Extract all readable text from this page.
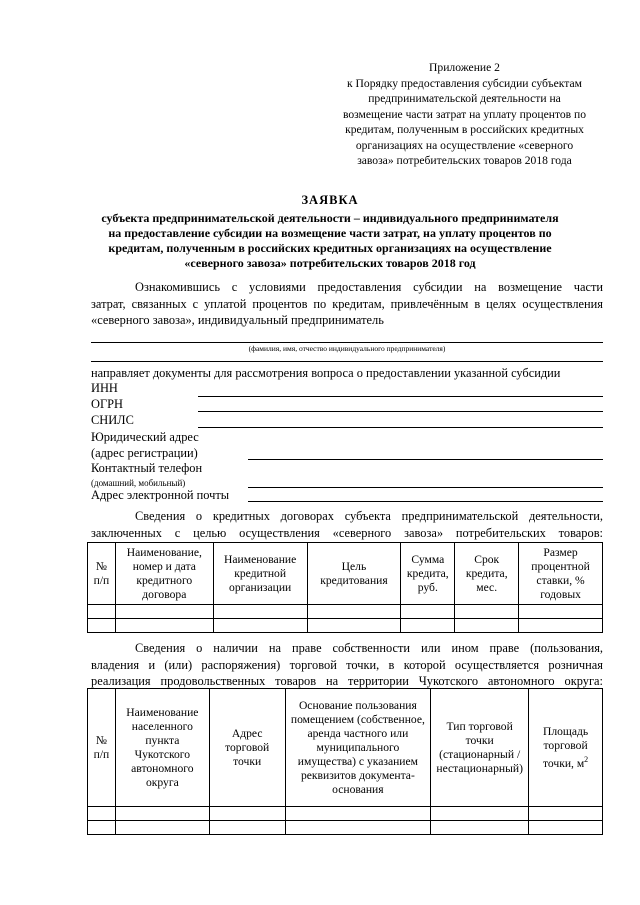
Приложение 2
к Порядку предоставления субсидии субъектам
предпринимательской деятельности на
возмещение части затрат на уплату процентов по
кредитам, полученным в российских кредитных
организациях на осуществление «северного
завоза» потребительских товаров 2018 года
ЗАЯВКА
субъекта предпринимательской деятельности – индивидуального предпринимателя
на предоставление субсидии на возмещение части затрат, на уплату процентов по
кредитам, полученным в российских кредитных организациях на осуществление
«северного завоза» потребительских товаров 2018 год
Ознакомившись с условиями предоставления субсидии на возмещение части
затрат, связанных с уплатой процентов по кредитам, привлечённым в целях осуществления
«северного завоза», индивидуальный предприниматель
(фамилия, имя, отчество индивидуального предпринимателя)
направляет документы для рассмотрения вопроса о предоставлении указанной субсидии
ИНН
ОГРН
СНИЛС
Юридический адрес
(адрес регистрации)
Контактный телефон
(домашний, мобильный)
Адрес электронной почты
Сведения о кредитных договорах субъекта предпринимательской деятельности,
заключенных с целью осуществления «северного завоза» потребительских товаров:
№ п/п	Наименование, номер и дата кредитного договора	Наименование кредитной организации	Цель кредитования	Сумма кредита, руб.	Срок кредита, мес.	Размер процентной ставки, % годовых

Сведения о наличии на праве собственности или ином праве (пользования,
владения и (или) распоряжения) торговой точки, в которой осуществляется розничная
реализация продовольственных товаров на территории Чукотского автономного округа:
№ п/п	Наименование населенного пункта Чукотского автономного округа	Адрес торговой точки	Основание пользования помещением (собственное, аренда частного или муниципального имущества) с указанием реквизитов документа-основания	Тип торговой точки (стационарный / нестационарный)	Площадь торговой точки, $м^2$
